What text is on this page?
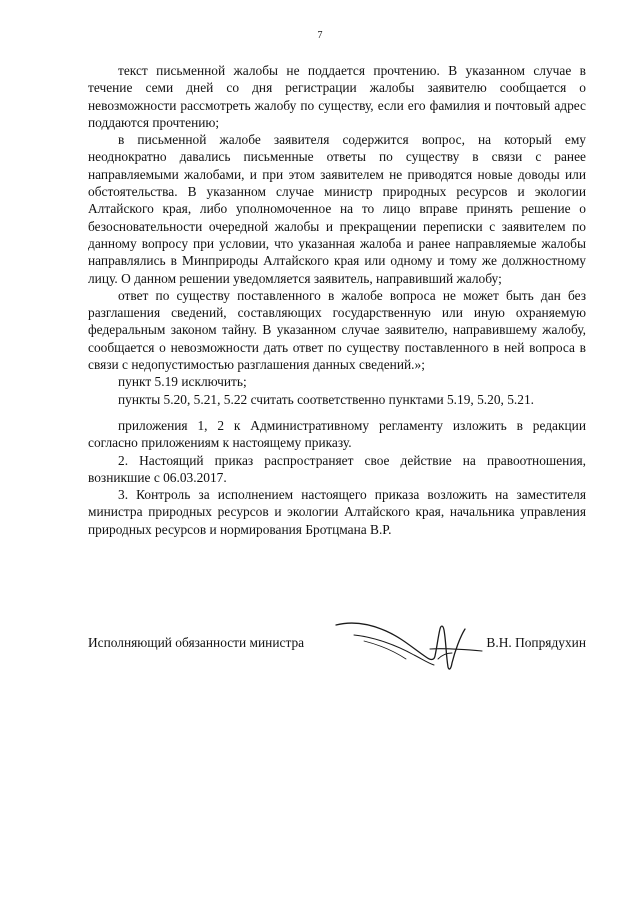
7

текст письменной жалобы не поддается прочтению. В указанном случае в течение семи дней со дня регистрации жалобы заявителю сообщается о невозможности рассмотреть жалобу по существу, если его фамилия и почтовый адрес поддаются прочтению;

в письменной жалобе заявителя содержится вопрос, на который ему неоднократно давались письменные ответы по существу в связи с ранее направляемыми жалобами, и при этом заявителем не приводятся новые доводы или обстоятельства. В указанном случае министр природных ресурсов и экологии Алтайского края, либо уполномоченное на то лицо вправе принять решение о безосновательности очередной жалобы и прекращении переписки с заявителем по данному вопросу при условии, что указанная жалоба и ранее направляемые жалобы направлялись в Минприроды Алтайского края или одному и тому же должностному лицу. О данном решении уведомляется заявитель, направивший жалобу;

ответ по существу поставленного в жалобе вопроса не может быть дан без разглашения сведений, составляющих государственную или иную охраняемую федеральным законом тайну. В указанном случае заявителю, направившему жалобу, сообщается о невозможности дать ответ по существу поставленного в ней вопроса в связи с недопустимостью разглашения данных сведений.»;

пункт 5.19 исключить;

пункты 5.20, 5.21, 5.22 считать соответственно пунктами 5.19, 5.20, 5.21.

приложения 1, 2 к Административному регламенту изложить в редакции согласно приложениям к настоящему приказу.

2. Настоящий приказ распространяет свое действие на правоотношения, возникшие с 06.03.2017.

3. Контроль за исполнением настоящего приказа возложить на заместителя министра природных ресурсов и экологии Алтайского края, начальника управления природных ресурсов и нормирования Бротцмана В.Р.

Исполняющий обязанности министра	В.Н. Попрядухин
